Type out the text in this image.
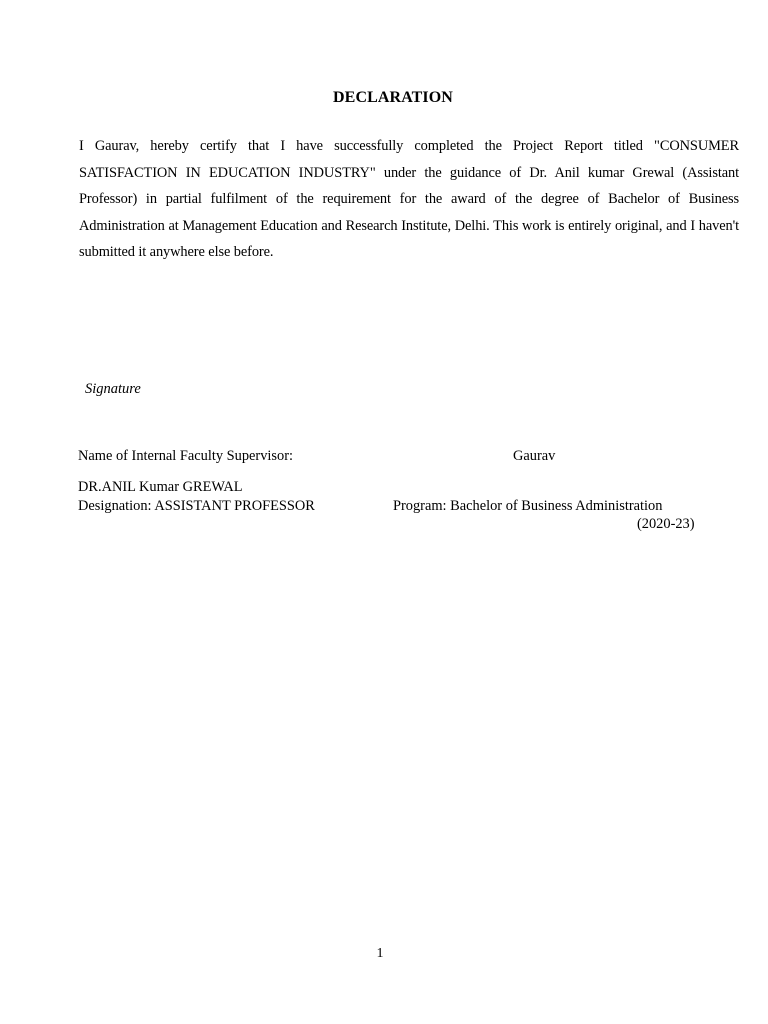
DECLARATION
I Gaurav, hereby certify that I have successfully completed the Project Report titled "CONSUMER SATISFACTION IN EDUCATION INDUSTRY" under the guidance of Dr. Anil kumar Grewal (Assistant Professor) in partial fulfilment of the requirement for the award of the degree of Bachelor of Business Administration at Management Education and Research Institute, Delhi. This work is entirely original, and I haven't submitted it anywhere else before.
Signature
Name of Internal Faculty Supervisor:	Gaurav
DR.ANIL Kumar GREWAL
Designation: ASSISTANT PROFESSOR	Program: Bachelor of Business Administration
(2020-23)
1
